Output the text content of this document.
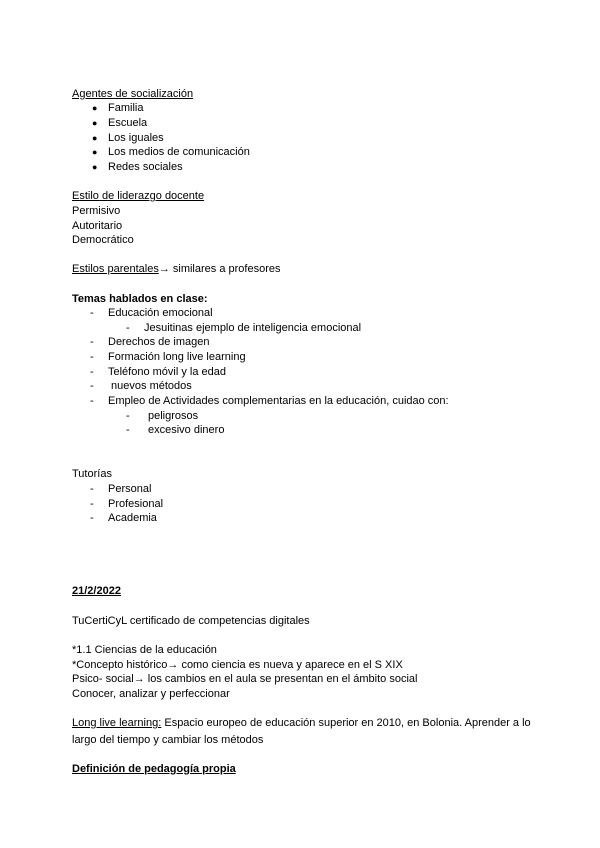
Agentes de socialización
● Familia
● Escuela
● Los iguales
● Los medios de comunicación
● Redes sociales
Estilo de liderazgo docente
Permisivo
Autoritario
Democrático
Estilos parentales→ similares a profesores
Temas hablados en clase:
- Educación emocional
- Jesuitinas ejemplo de inteligencia emocional
- Derechos de imagen
- Formación long live learning
- Teléfono móvil y la edad
- nuevos métodos
- Empleo de Actividades complementarias en la educación, cuidao con:
- peligrosos
- excesivo dinero
Tutorías
- Personal
- Profesional
- Academia
21/2/2022
TuCertiCyL certificado de competencias digitales
*1.1 Ciencias de la educación
*Concepto histórico→ como ciencia es nueva y aparece en el S XIX
Psico- social→ los cambios en el aula se presentan en el ámbito social
Conocer, analizar y perfeccionar
Long live learning: Espacio europeo de educación superior en 2010, en Bolonia. Aprender a lo largo del tiempo y cambiar los métodos
Definición de pedagogía propia
